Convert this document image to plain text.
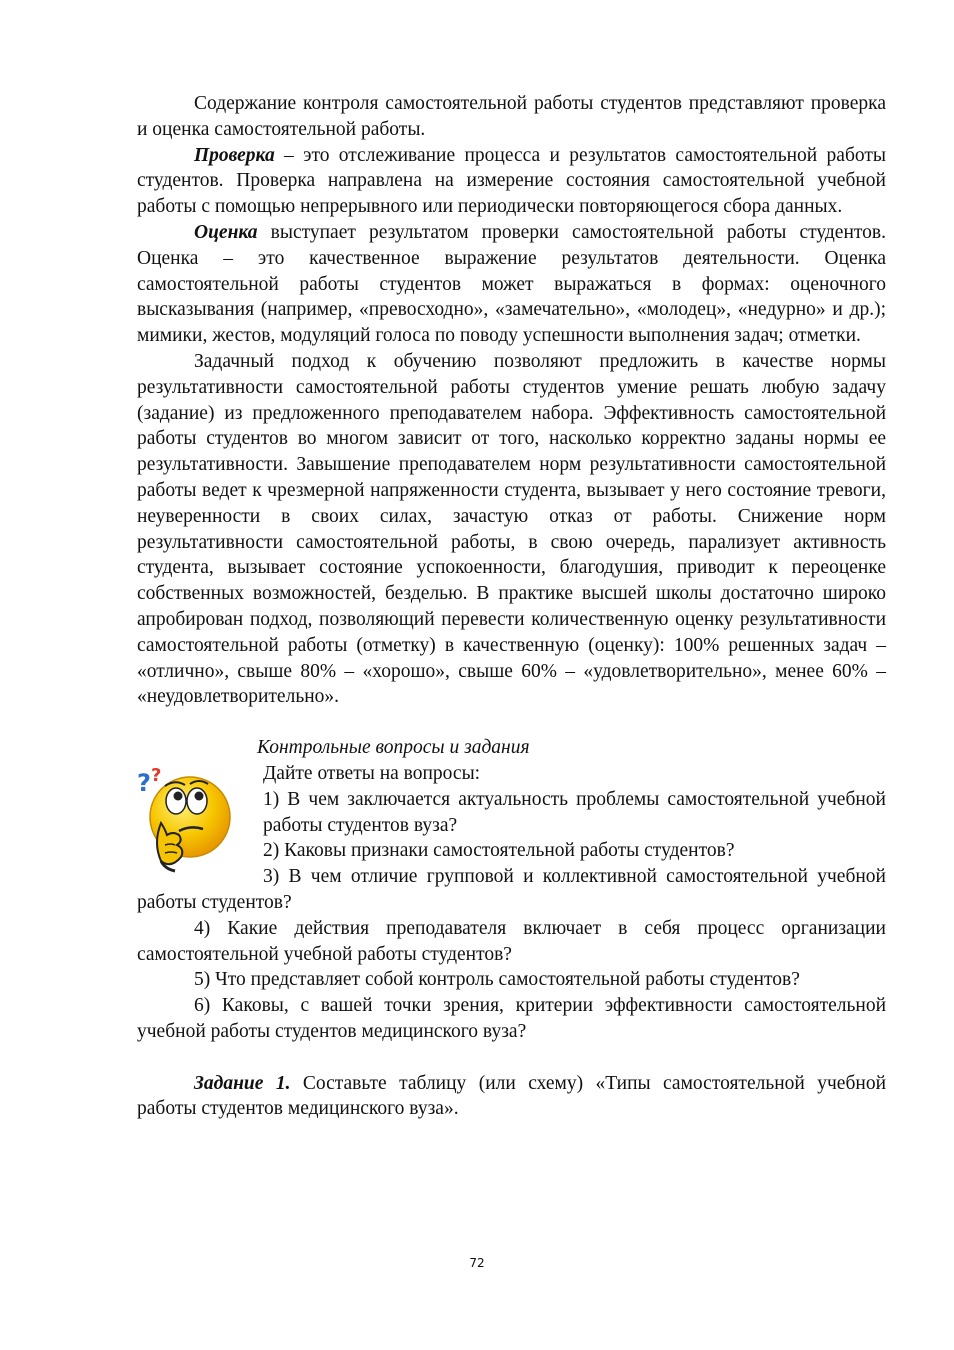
Содержание контроля самостоятельной работы студентов представляют проверка и оценка самостоятельной работы.

Проверка – это отслеживание процесса и результатов самостоятельной работы студентов. Проверка направлена на измерение состояния самостоятельной учебной работы с помощью непрерывного или периодически повторяющегося сбора данных.

Оценка выступает результатом проверки самостоятельной работы студентов. Оценка – это качественное выражение результатов деятельности. Оценка самостоятельной работы студентов может выражаться в формах: оценочного высказывания (например, «превосходно», «замечательно», «молодец», «недурно» и др.); мимики, жестов, модуляций голоса по поводу успешности выполнения задач; отметки.

Задачный подход к обучению позволяют предложить в качестве нормы результативности самостоятельной работы студентов умение решать любую задачу (задание) из предложенного преподавателем набора. Эффективность самостоятельной работы студентов во многом зависит от того, насколько корректно заданы нормы ее результативности. Завышение преподавателем норм результативности самостоятельной работы ведет к чрезмерной напряженности студента, вызывает у него состояние тревоги, неуверенности в своих силах, зачастую отказ от работы. Снижение норм результативности самостоятельной работы, в свою очередь, парализует активность студента, вызывает состояние успокоенности, благодушия, приводит к переоценке собственных возможностей, безделью. В практике высшей школы достаточно широко апробирован подход, позволяющий перевести количественную оценку результативности самостоятельной работы (отметку) в качественную (оценку): 100% решенных задач – «отлично», свыше 80% – «хорошо», свыше 60% – «удовлетворительно», менее 60% – «неудовлетворительно».

Контрольные вопросы и задания

? ?	Дайте ответы на вопросы:

1) В чем заключается актуальность проблемы самостоятельной учебной работы студентов вуза?

2) Каковы признаки самостоятельной работы студентов?

3) В чем отличие групповой и коллективной самостоятельной учебной работы студентов?

4) Какие действия преподавателя включает в себя процесс организации самостоятельной учебной работы студентов?

5) Что представляет собой контроль самостоятельной работы студентов?

6) Каковы, с вашей точки зрения, критерии эффективности самостоятельной учебной работы студентов медицинского вуза?

Задание 1. Составьте таблицу (или схему) «Типы самостоятельной учебной работы студентов медицинского вуза».

72
